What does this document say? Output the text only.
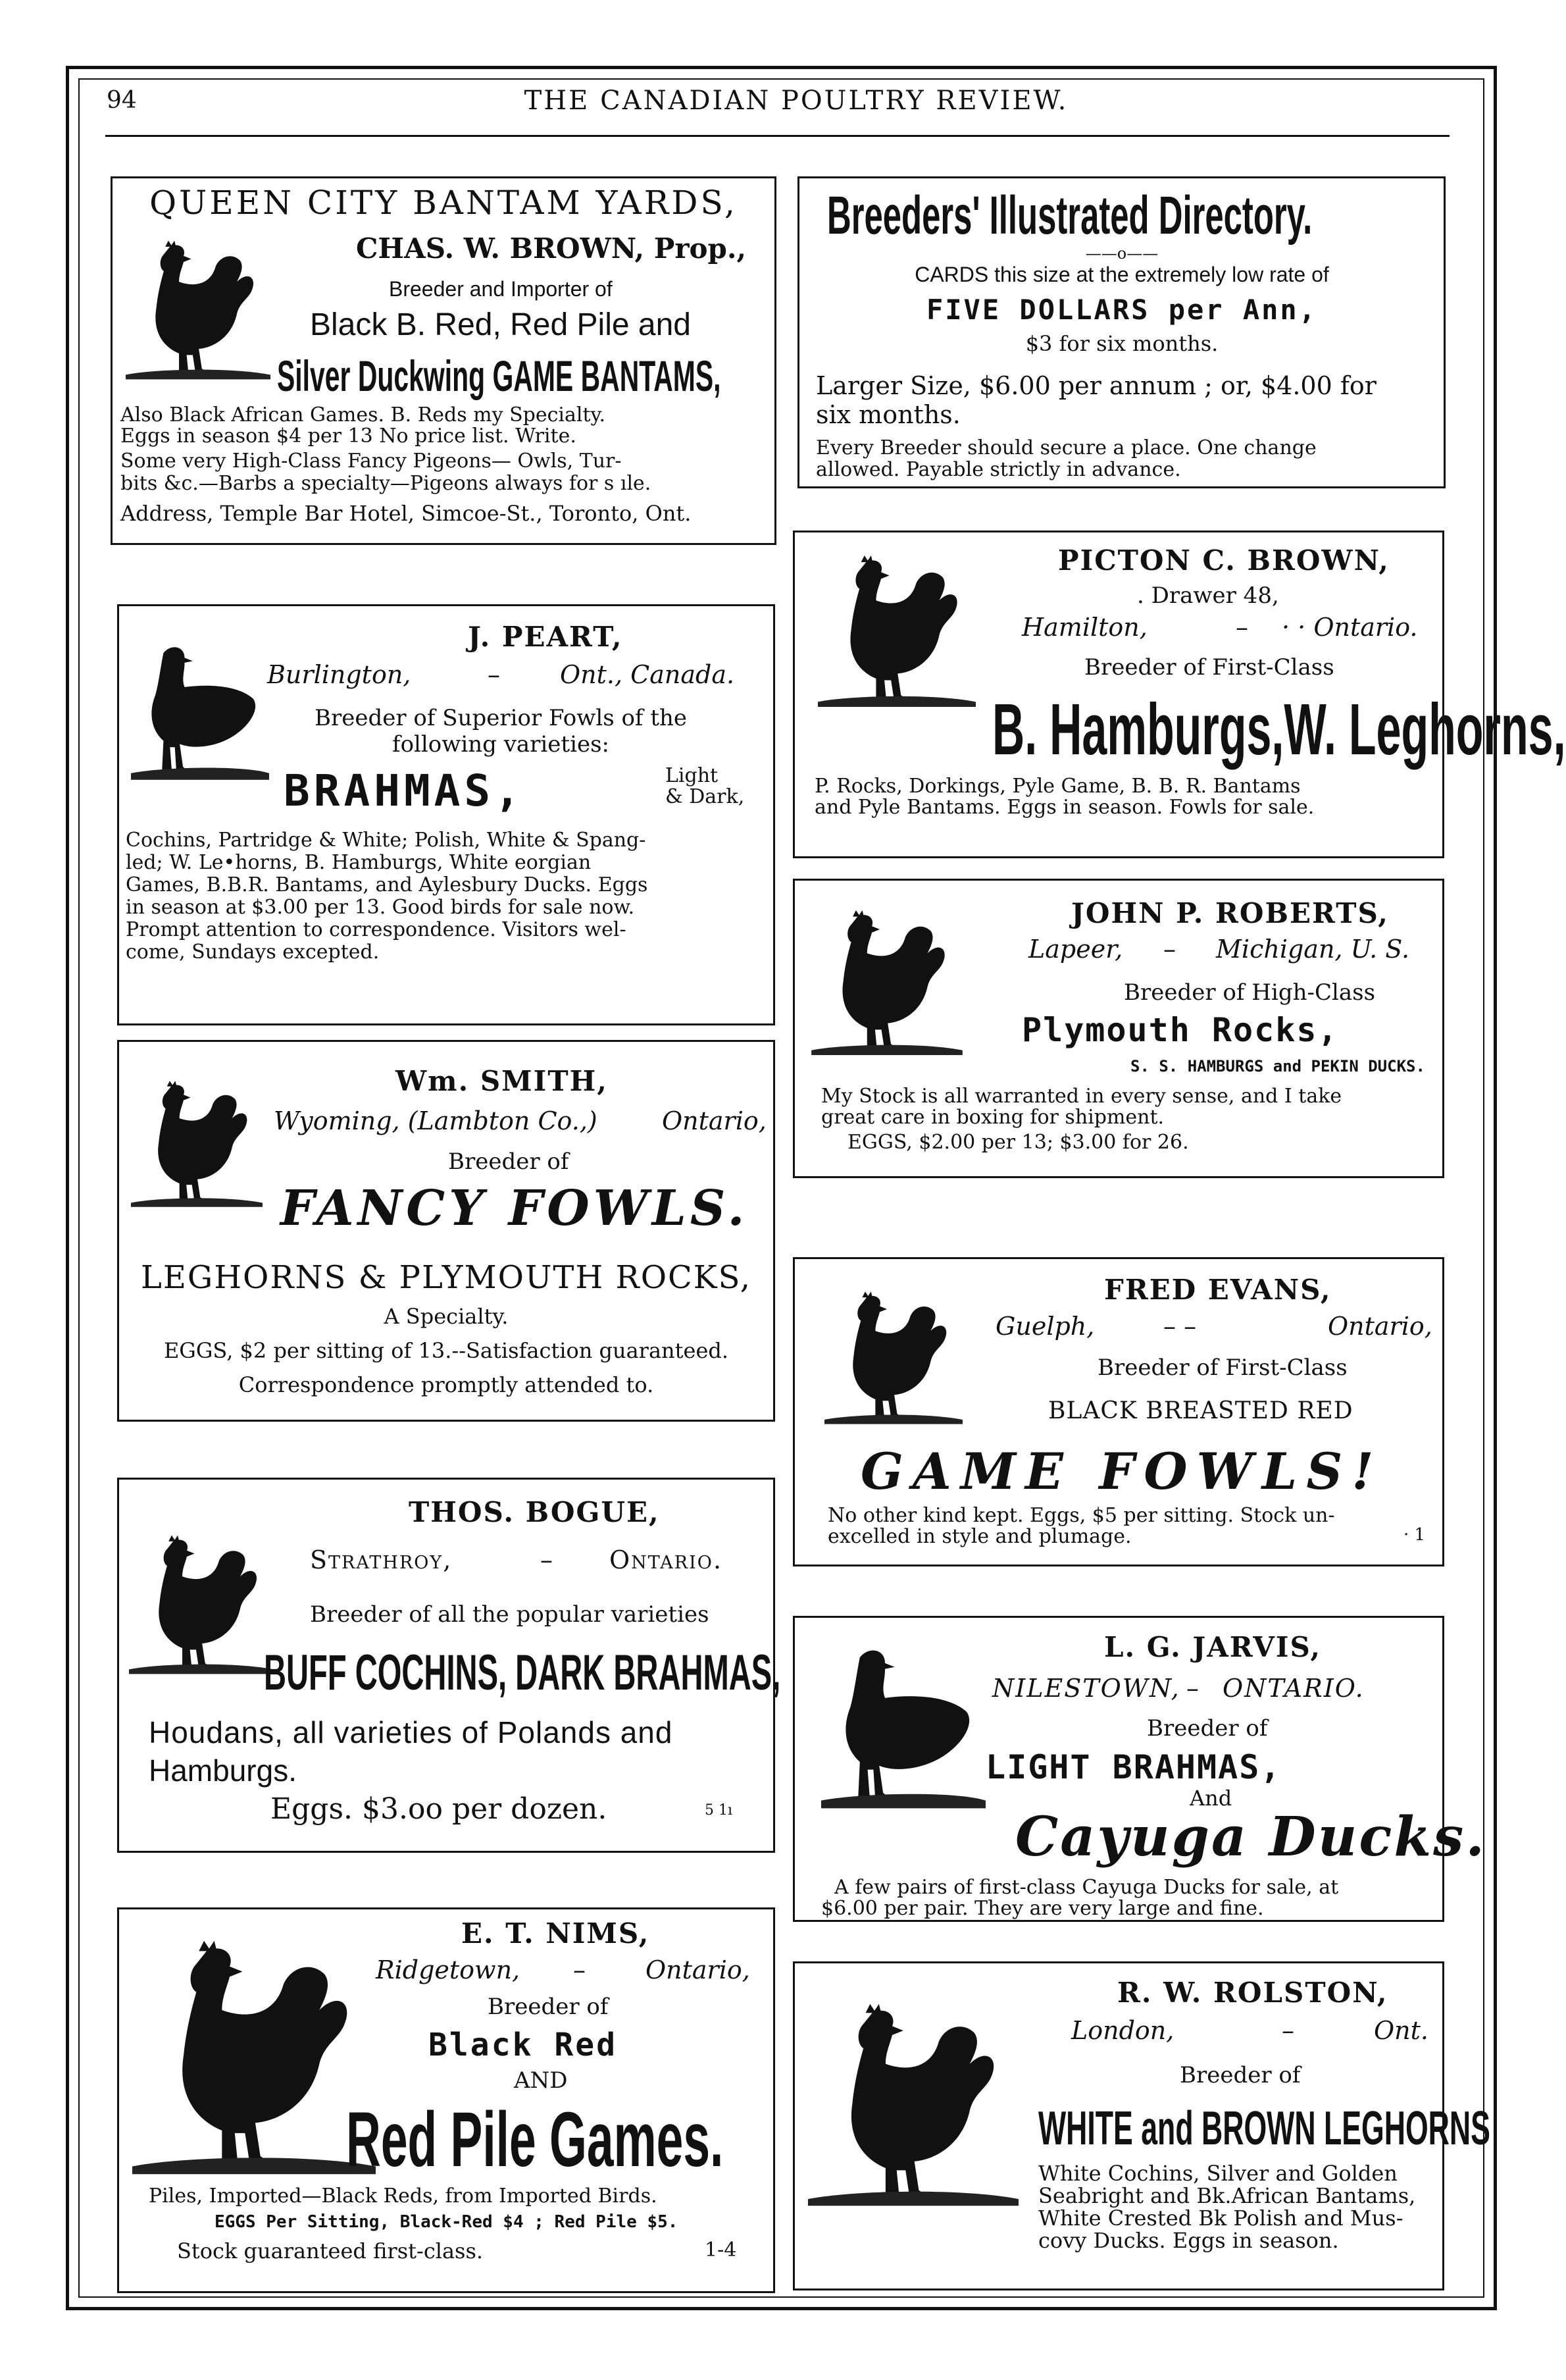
94	THE CANADIAN POULTRY REVIEW.
QUEEN CITY BANTAM YARDS,
CHAS. W. BROWN, Prop.,
Breeder and Importer of
Black B. Red, Red Pile and
Silver Duckwing GAME BANTAMS,
Also Black African Games. B. Reds my Specialty.
Eggs in season $4 per 13 No price list. Write.
Some very High-Class Fancy Pigeons— Owls, Tur-
bits &c.—Barbs a specialty—Pigeons always for s ıle.
Address, Temple Bar Hotel, Simcoe-St., Toronto, Ont.
J. PEART,
Burlington,	– Ont., Canada.
Breeder of Superior Fowls of the
following varieties:
BRAHMAS,	Light
& Dark,
Cochins, Partridge & White; Polish, White & Spang-
led; W. Le•horns, B. Hamburgs, White eorgian
Games, B.B.R. Bantams, and Aylesbury Ducks. Eggs
in season at $3.00 per 13. Good birds for sale now.
Prompt attention to correspondence. Visitors wel-
come, Sundays excepted.
Wm. SMITH,
Wyoming, (Lambton Co.,)	Ontario,
Breeder of
FANCY FOWLS.
LEGHORNS & PLYMOUTH ROCKS,
A Specialty.
EGGS, $2 per sitting of 13.--Satisfaction guaranteed.
Correspondence promptly attended to.
THOS. BOGUE,
Strathroy,	– Ontario.
Breeder of all the popular varieties
BUFF COCHINS, DARK BRAHMAS,
Houdans, all varieties of Polands and
Hamburgs.
Eggs. $3.oo per dozen.	5 1ı
E. T. NIMS,
Ridgetown, – Ontario,
Breeder of
Black Red
AND
Red Pile Games.
Piles, Imported—Black Reds, from Imported Birds.
EGGS Per Sitting, Black-Red $4 ; Red Pile $5.
Stock guaranteed first-class.	1-4
Breeders' Illustrated Directory.
——o——
CARDS this size at the extremely low rate of
FIVE DOLLARS per Ann,
$3 for six months.
Larger Size, $6.00 per annum ; or, $4.00 for
six months.
Every Breeder should secure a place. One change
allowed. Payable strictly in advance.
PICTON C. BROWN,
. Drawer 48,
Hamilton,	– · · Ontario.
Breeder of First-Class
B. Hamburgs,W. Leghorns,
P. Rocks, Dorkings, Pyle Game, B. B. R. Bantams
and Pyle Bantams. Eggs in season. Fowls for sale.
JOHN P. ROBERTS,
Lapeer, – Michigan, U. S.
Breeder of High-Class
Plymouth Rocks,
S. S. HAMBURGS and PEKIN DUCKS.
My Stock is all warranted in every sense, and I take
great care in boxing for shipment.
EGGS, $2.00 per 13; $3.00 for 26.
FRED EVANS,
Guelph,	– –	Ontario,
Breeder of First-Class
BLACK BREASTED RED
GAME FOWLS!
No other kind kept. Eggs, $5 per sitting. Stock un-
excelled in style and plumage.	· 1
L. G. JARVIS,
NILESTOWN, – ONTARIO.
Breeder of
LIGHT BRAHMAS,
And
Cayuga Ducks.
A few pairs of first-class Cayuga Ducks for sale, at
$6.00 per pair. They are very large and fine.
R. W. ROLSTON,
London,	–	Ont.
Breeder of
WHITE and BROWN LEGHORNS
White Cochins, Silver and Golden
Seabright and Bk.African Bantams,
White Crested Bk Polish and Mus-
covy Ducks. Eggs in season.
